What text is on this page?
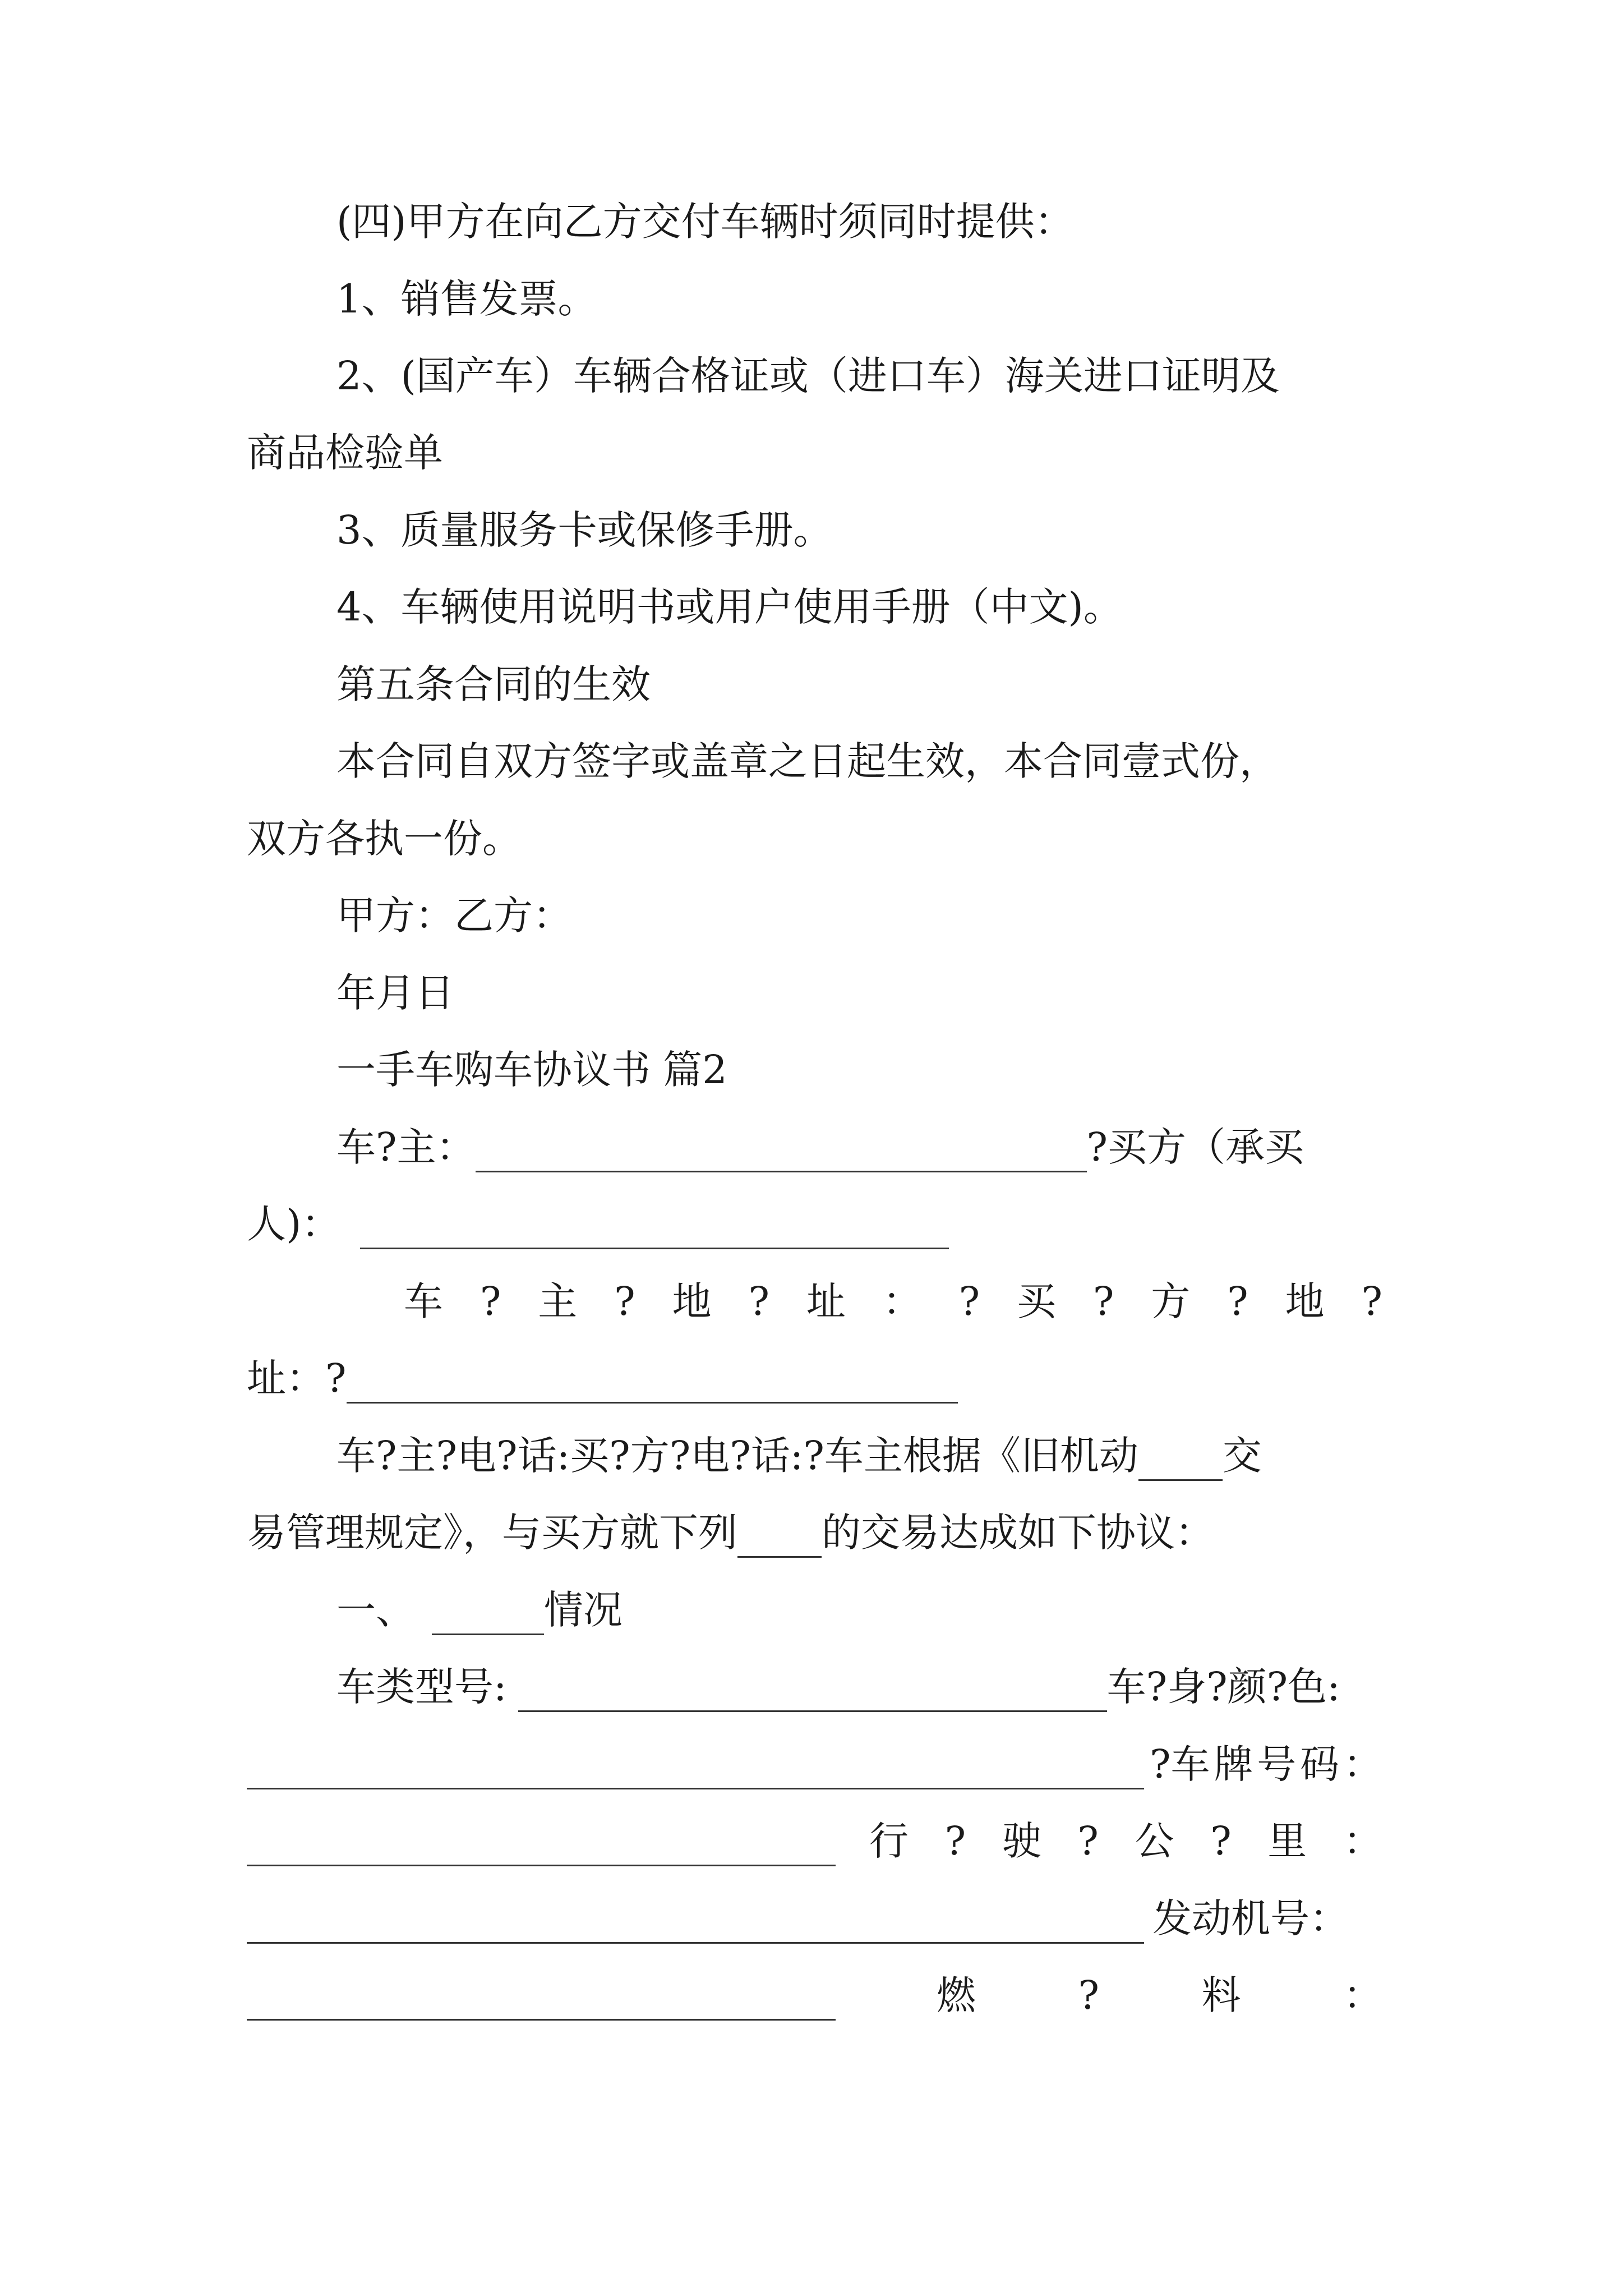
(四)甲方在向乙方交付车辆时须同时提供：
1、销售发票。
2、(国产车）车辆合格证或（进口车）海关进口证明及
商品检验单
3、质量服务卡或保修手册。
4、车辆使用说明书或用户使用手册（中文)。
第五条合同的生效
本合同自双方签字或盖章之日起生效，本合同壹式份，
双方各执一份。
甲方：乙方：
年月日
一手车购车协议书 篇2
车?主：	?买方（承买
人)：
车 ? 主 ? 地 ? 址 ： ? 买 ? 方 ? 地 ?
址：?
车?主?电?话:买?方?电?话:?车主根据《旧机动 交
易管理规定》，与买方就下列 的交易达成如下协议：
一、	情况
车类型号:	车?身?颜?色:
?车 牌 号 码 ：
行 ? 驶 ? 公 ? 里 ：
发动机号：
燃	?	料	：
